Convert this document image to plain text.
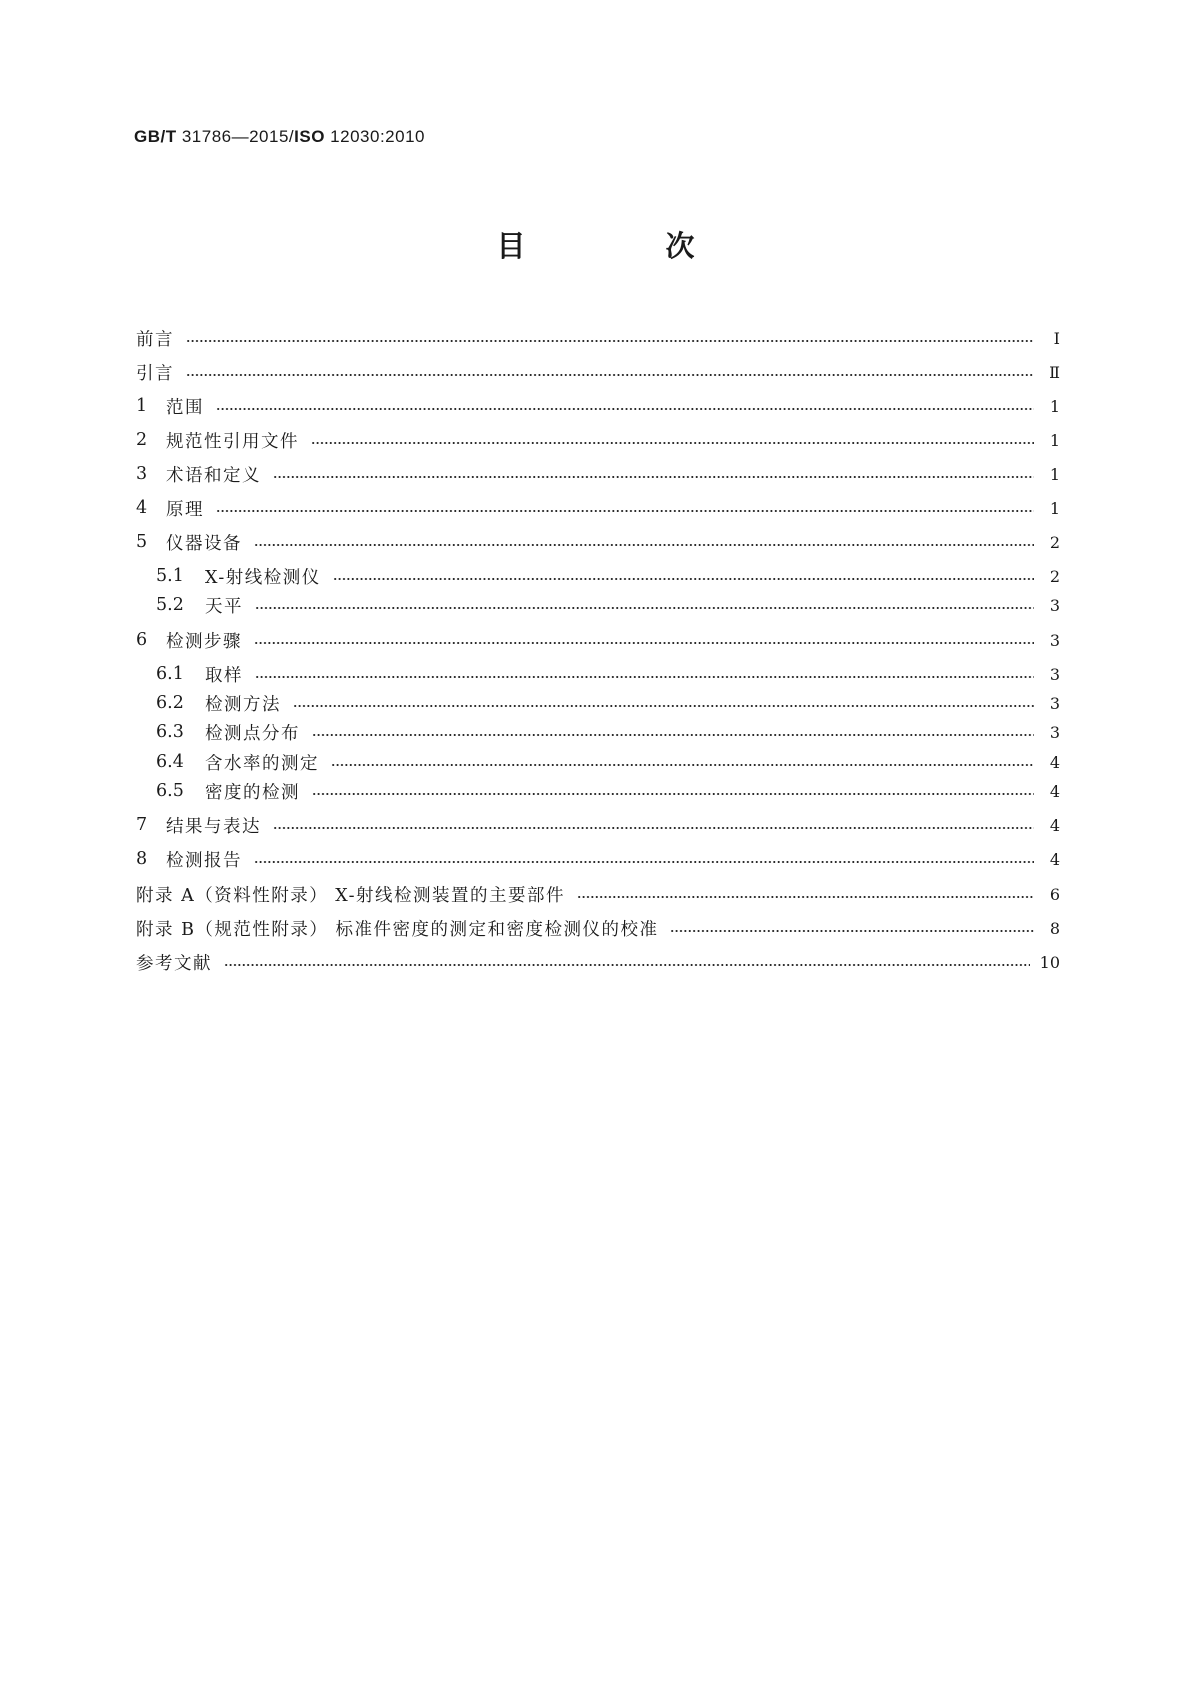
GB/T 31786—2015/ISO 12030:2010
目 次
前言	Ⅰ
引言	Ⅱ
1	范围	1
2	规范性引用文件	1
3	术语和定义	1
4	原理	1
5	仪器设备	2
5.1	X-射线检测仪	2
5.2	天平	3
6	检测步骤	3
6.1	取样	3
6.2	检测方法	3
6.3	检测点分布	3
6.4	含水率的测定	4
6.5	密度的检测	4
7	结果与表达	4
8	检测报告	4
附录 A（资料性附录） X-射线检测装置的主要部件	6
附录 B（规范性附录） 标准件密度的测定和密度检测仪的校准	8
参考文献	10
